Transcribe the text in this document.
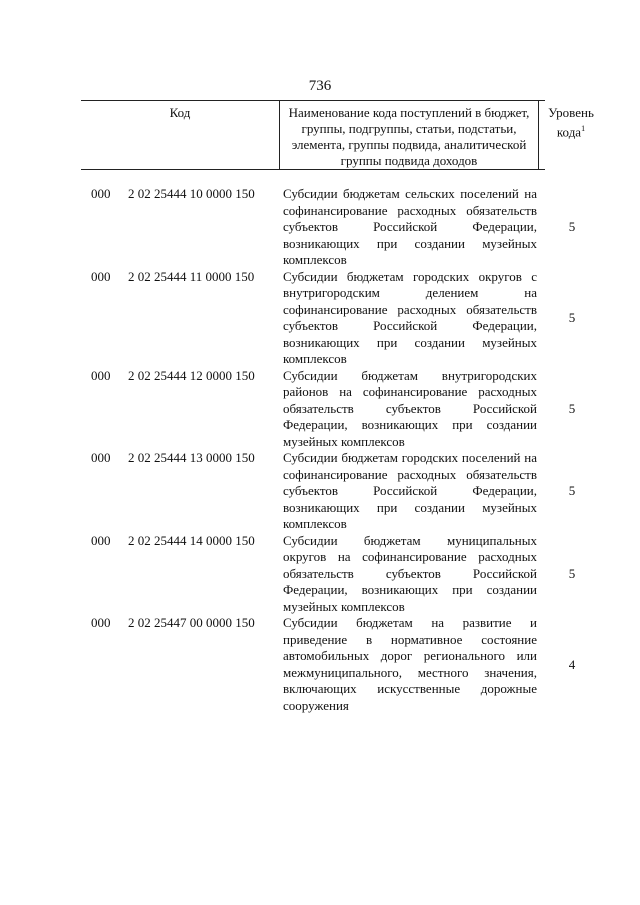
736
Код	Наименование кода поступлений в бюджет, группы, подгруппы, статьи, подстатьи, элемента, группы подвида, аналитической группы подвида доходов
Уровень кода$^1$
000 2 02 25444 10 0000 150 Субсидии бюджетам сельских поселений на софинансирование расходных обязательств субъектов Российской Федерации, возникающих при создании музейных комплексов
5
000 2 02 25444 11 0000 150 Субсидии бюджетам городских округов с внутригородским делением на софинансирование расходных обязательств субъектов Российской Федерации, возникающих при создании музейных комплексов
5
000 2 02 25444 12 0000 150 Субсидии бюджетам внутригородских районов на софинансирование расходных обязательств субъектов Российской Федерации, возникающих при создании музейных комплексов
5
000 2 02 25444 13 0000 150 Субсидии бюджетам городских поселений на софинансирование расходных обязательств субъектов Российской Федерации, возникающих при создании музейных комплексов
5
000 2 02 25444 14 0000 150 Субсидии бюджетам муниципальных округов на софинансирование расходных обязательств субъектов Российской Федерации, возникающих при создании музейных комплексов
5
000 2 02 25447 00 0000 150 Субсидии бюджетам на развитие и приведение в нормативное состояние автомобильных дорог регионального или межмуниципального, местного значения, включающих искусственные дорожные сооружения
4
